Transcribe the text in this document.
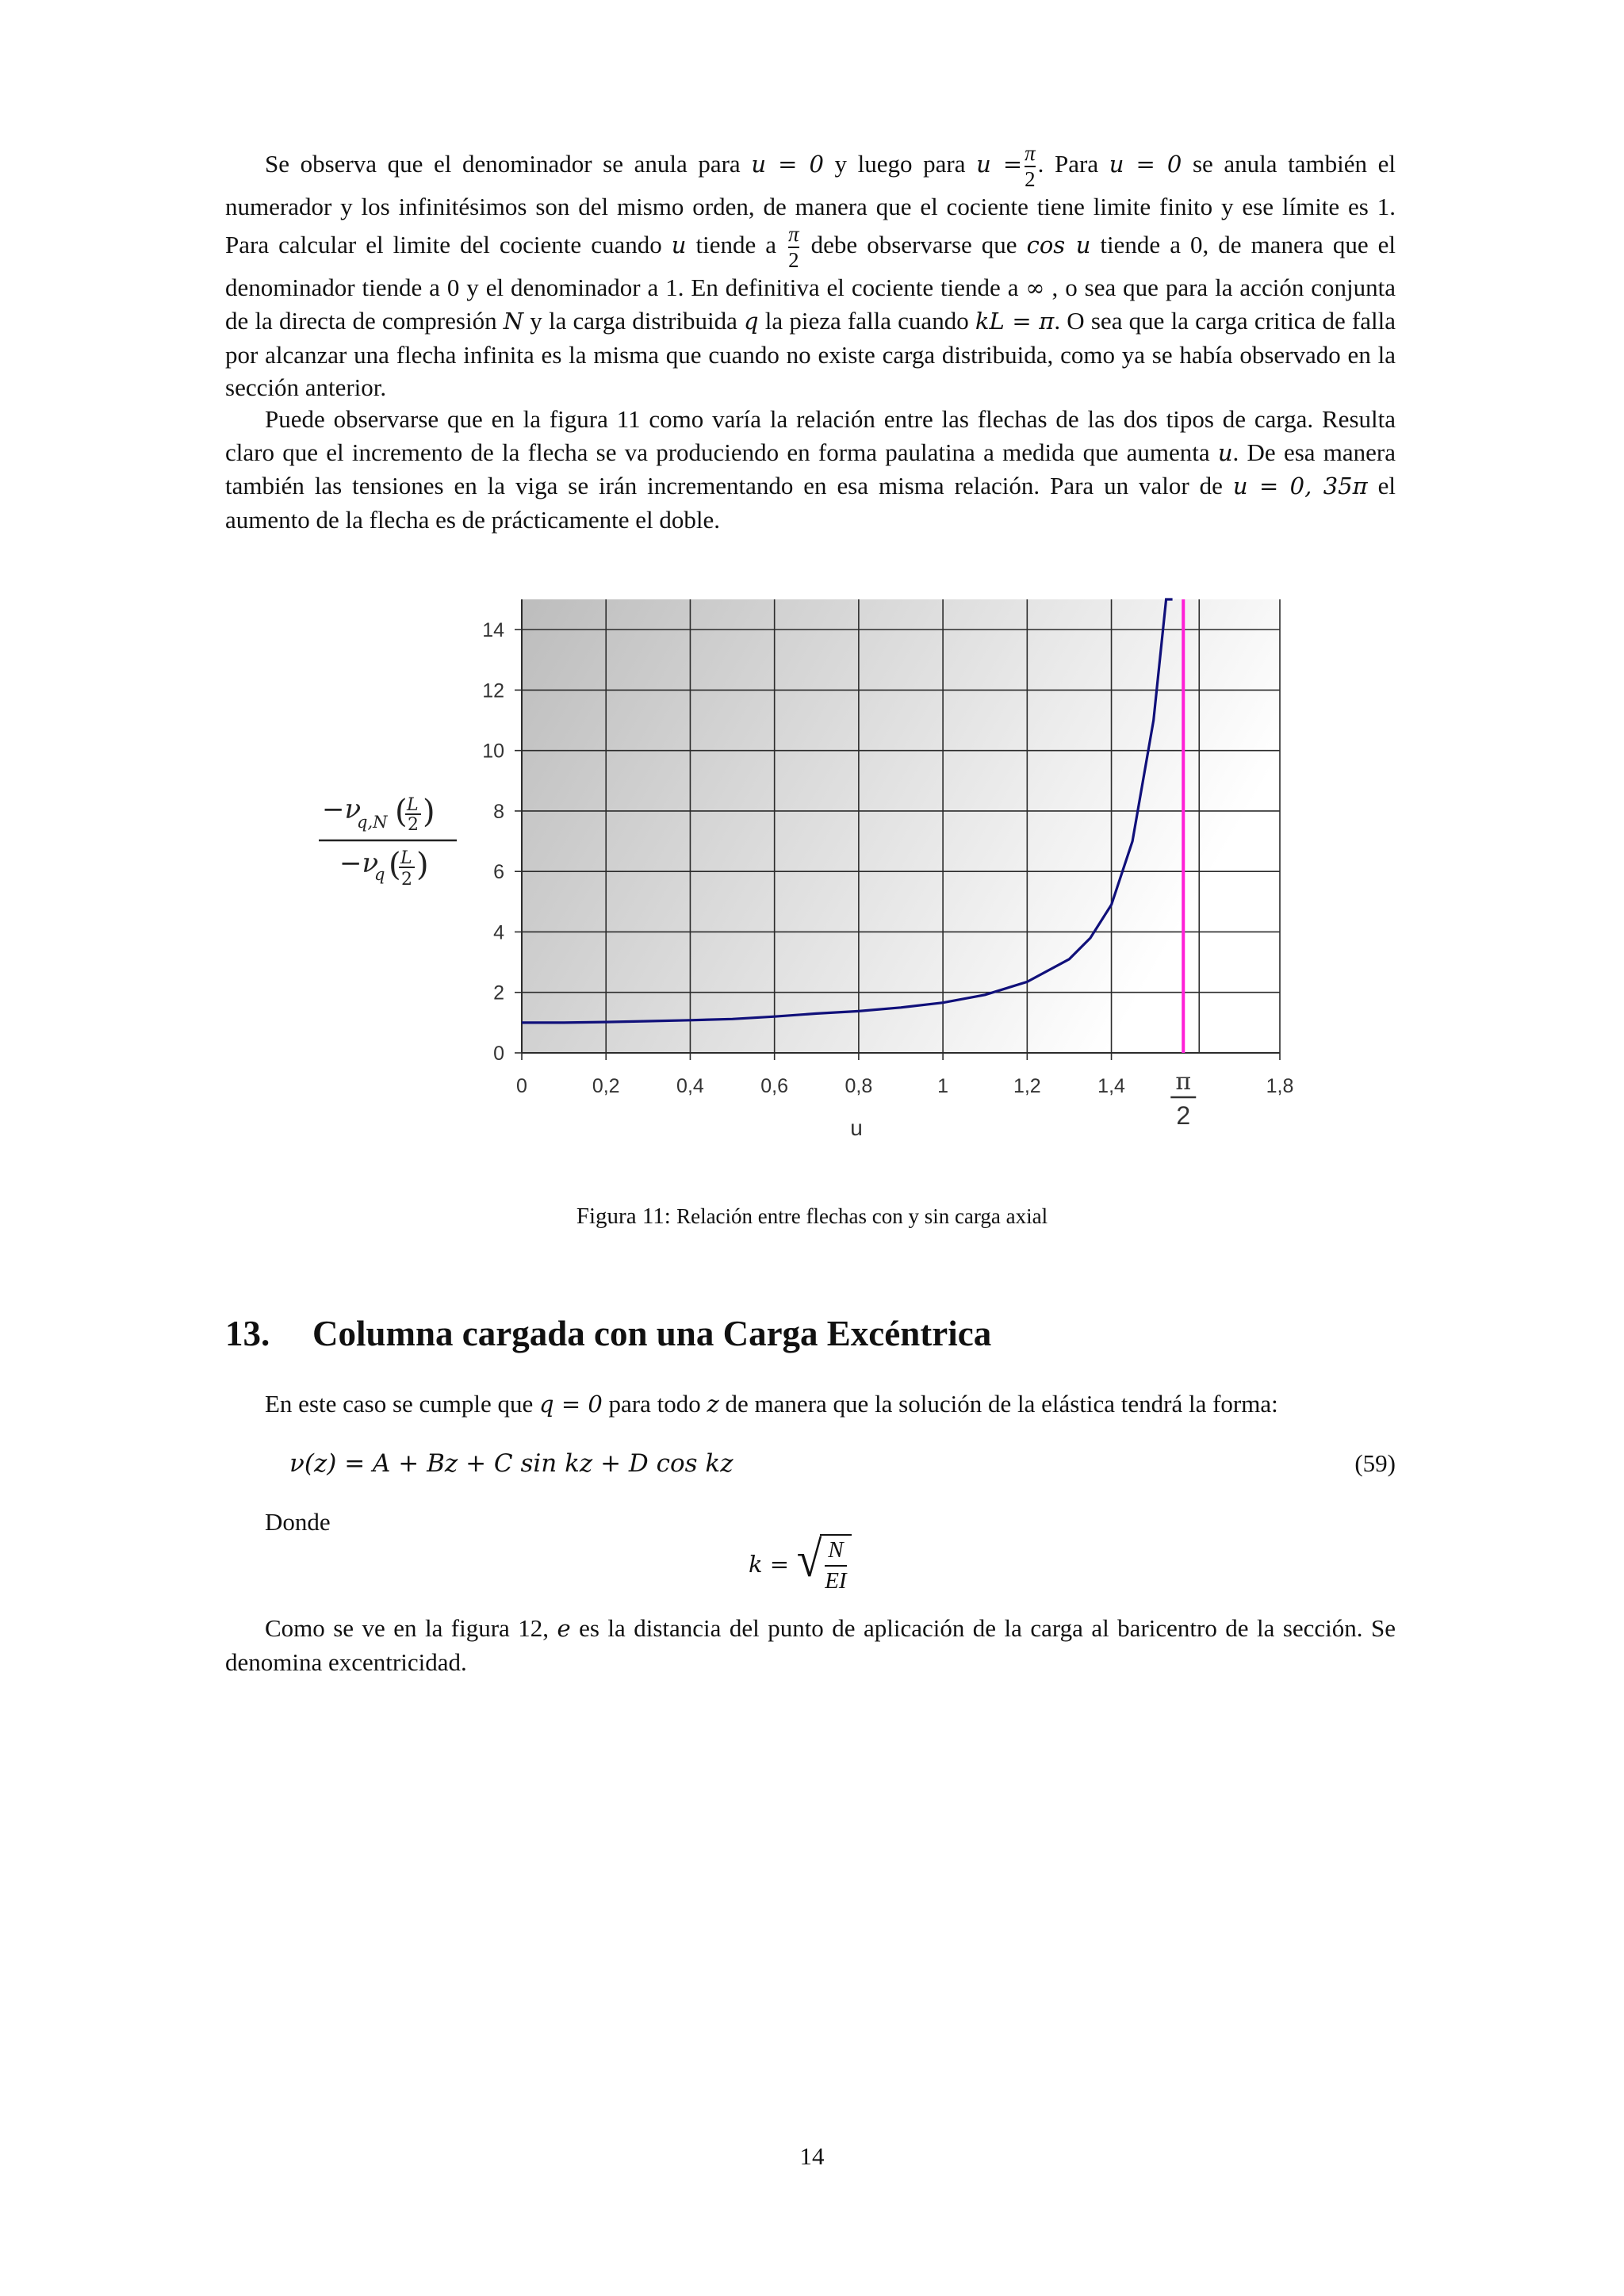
Se observa que el denominador se anula para u = 0 y luego para $u = \frac{\pi}{2}$ . Para u = 0 se anula también el numerador y los infinitésimos son del mismo orden, de manera que el cociente tiene limite finito y ese límite es 1. Para calcular el limite del cociente cuando u tiende a $\frac{\pi}{2}$ debe observarse que cos u tiende a 0, de manera que el denominador tiende a 0 y el denominador a 1. En definitiva el cociente tiende a ∞ , o sea que para la acción conjunta de la directa de compresión N y la carga distribuida q la pieza falla cuando kL = π. O sea que la carga critica de falla por alcanzar una flecha infinita es la misma que cuando no existe carga distribuida, como ya se había observado en la sección anterior.

Puede observarse que en la figura 11 como varía la relación entre las flechas de las dos tipos de carga. Resulta claro que el incremento de la flecha se va produciendo en forma paulatina a medida que aumenta u. De esa manera también las tensiones en la viga se irán incrementando en esa misma relación. Para un valor de u = 0, 35π el aumento de la flecha es de prácticamente el doble.

−ν
q,N ( L
2 )
−ν
q ( L
2 )
0	0,2	0,4	0,6	0,8	1	1,2	1,4	1,8
0
2
4
6
8
10
12
14
π
2
u
Figura 11: Relación entre flechas con y sin carga axial
13. Columna cargada con una Carga Excéntrica

En este caso se cumple que q = 0 para todo z de manera que la solución de la elástica tendrá la forma:

ν(z) = A + Bz + C sin kz + D cos kz	(59)
Donde
k = √ N
EI

Como se ve en la figura 12, e es la distancia del punto de aplicación de la carga al baricentro de la sección. Se denomina excentricidad.

14
